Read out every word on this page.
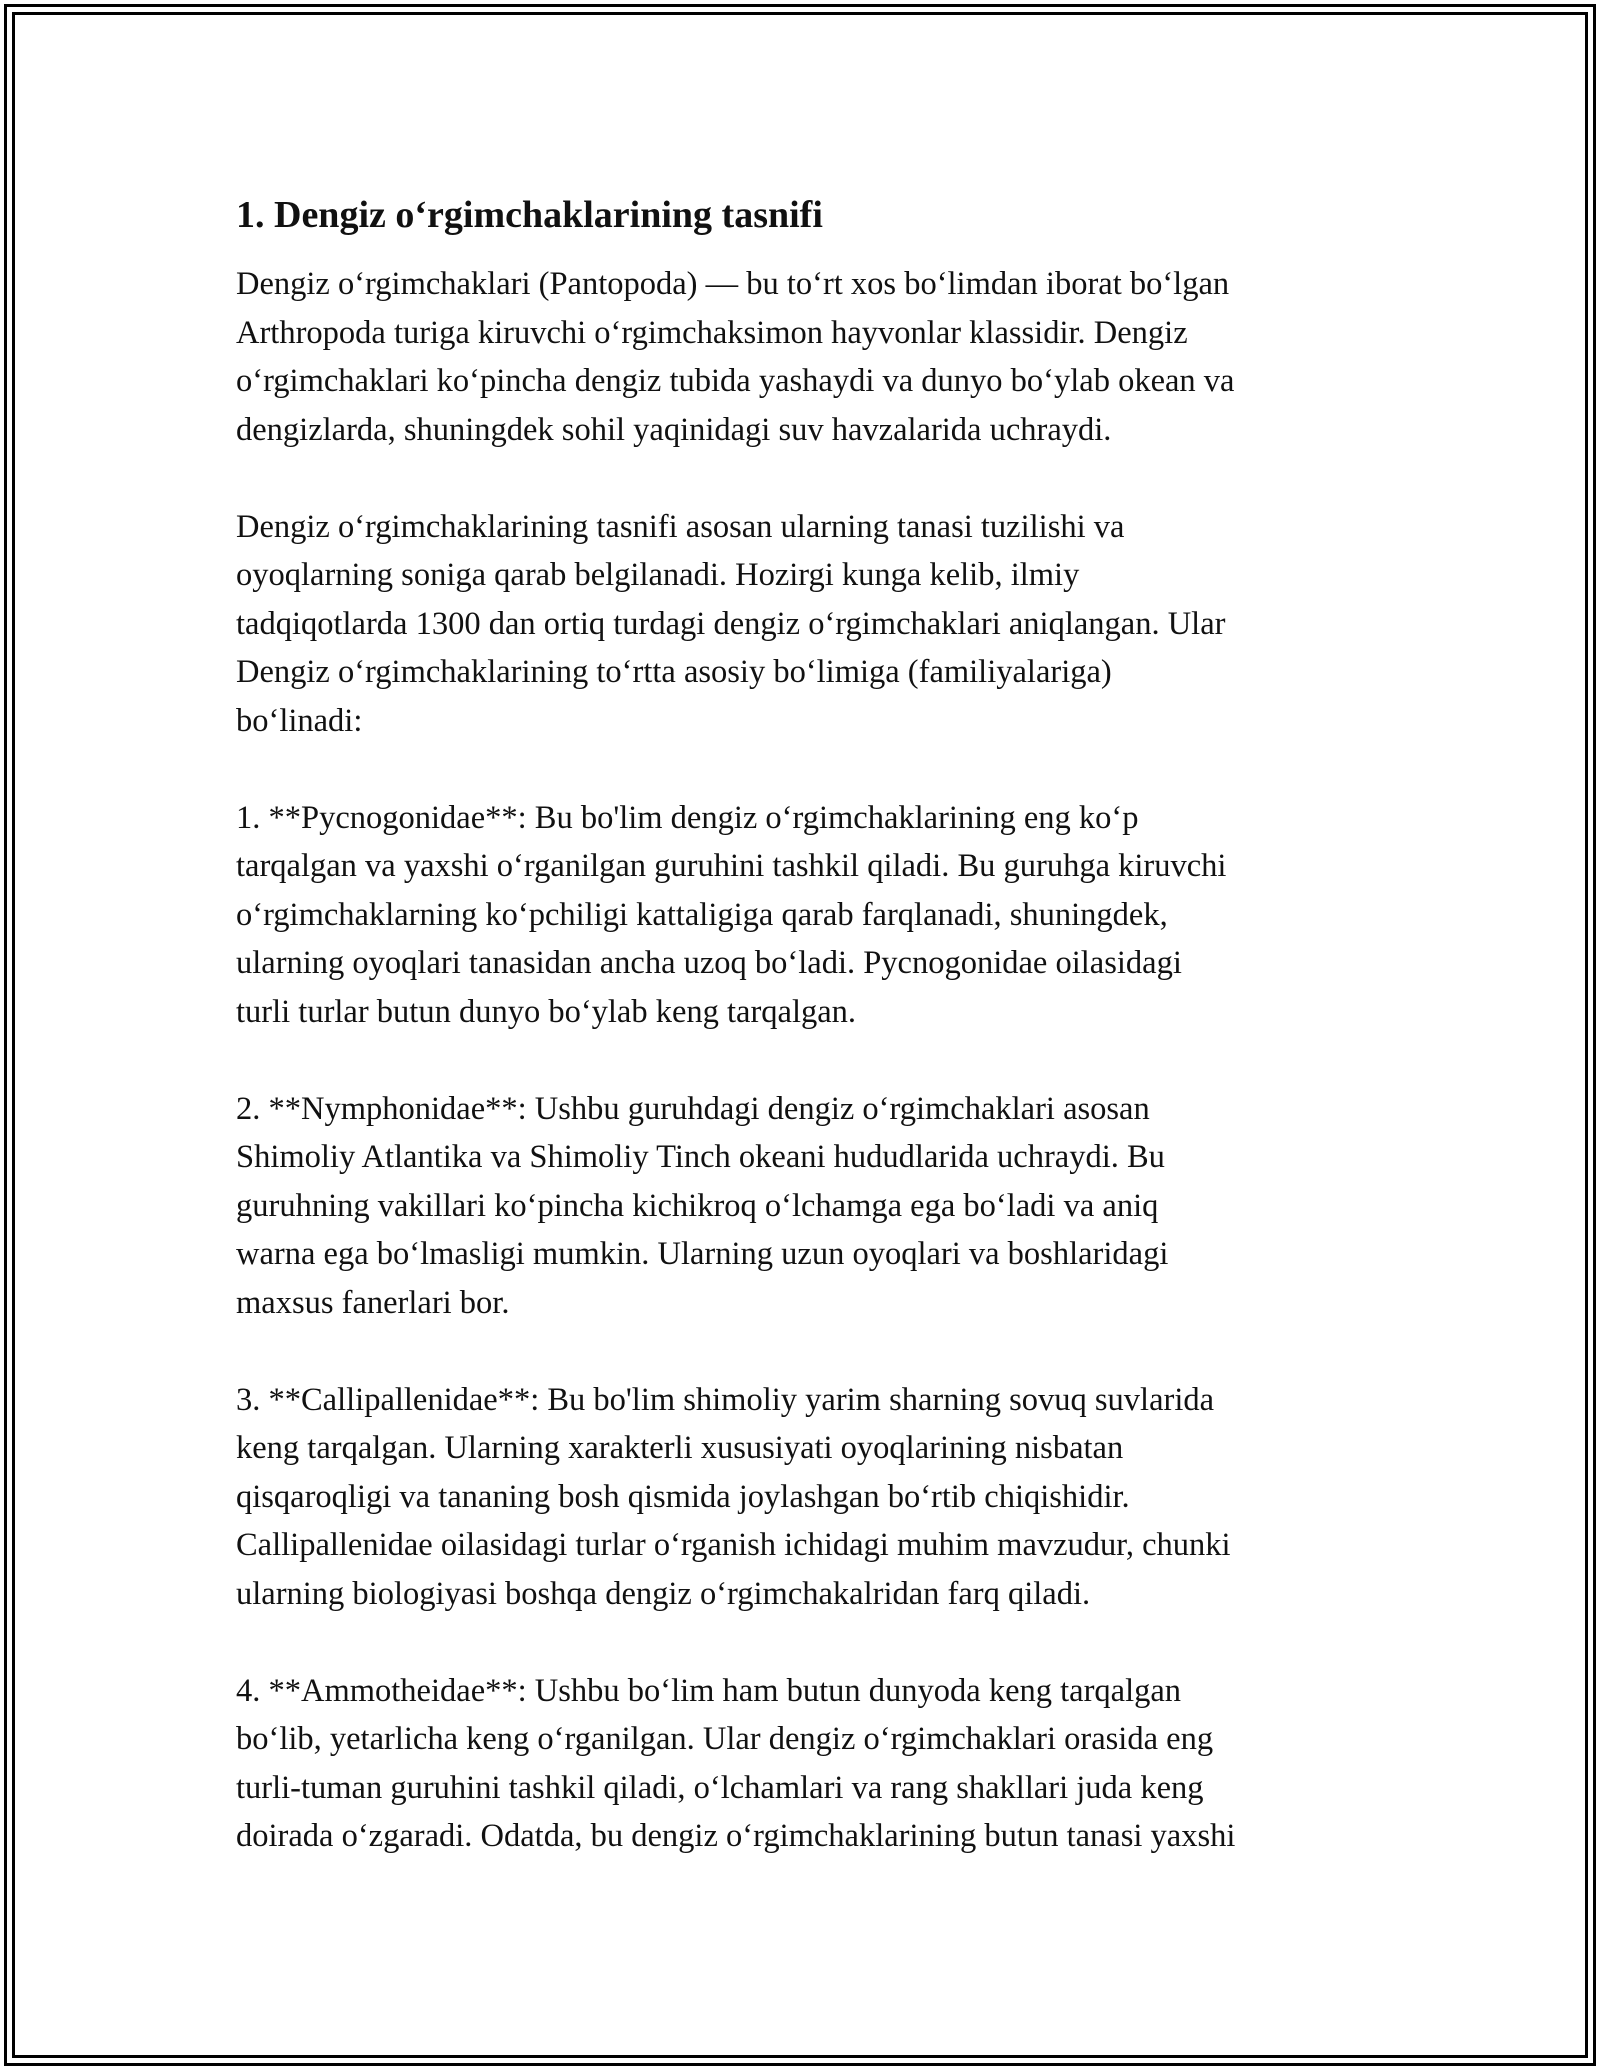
1. Dengiz o‘rgimchaklarining tasnifi

Dengiz o‘rgimchaklari (Pantopoda) — bu to‘rt xos bo‘limdan iborat bo‘lgan
Arthropoda turiga kiruvchi o‘rgimchaksimon hayvonlar klassidir. Dengiz
o‘rgimchaklari ko‘pincha dengiz tubida yashaydi va dunyo bo‘ylab okean va
dengizlarda, shuningdek sohil yaqinidagi suv havzalarida uchraydi.

Dengiz o‘rgimchaklarining tasnifi asosan ularning tanasi tuzilishi va
oyoqlarning soniga qarab belgilanadi. Hozirgi kunga kelib, ilmiy
tadqiqotlarda 1300 dan ortiq turdagi dengiz o‘rgimchaklari aniqlangan. Ular
Dengiz o‘rgimchaklarining to‘rtta asosiy bo‘limiga (familiyalariga)
bo‘linadi:

1. **Pycnogonidae**: Bu bo'lim dengiz o‘rgimchaklarining eng ko‘p
tarqalgan va yaxshi o‘rganilgan guruhini tashkil qiladi. Bu guruhga kiruvchi
o‘rgimchaklarning ko‘pchiligi kattaligiga qarab farqlanadi, shuningdek,
ularning oyoqlari tanasidan ancha uzoq bo‘ladi. Pycnogonidae oilasidagi
turli turlar butun dunyo bo‘ylab keng tarqalgan.

2. **Nymphonidae**: Ushbu guruhdagi dengiz o‘rgimchaklari asosan
Shimoliy Atlantika va Shimoliy Tinch okeani hududlarida uchraydi. Bu
guruhning vakillari ko‘pincha kichikroq o‘lchamga ega bo‘ladi va aniq
warna ega bo‘lmasligi mumkin. Ularning uzun oyoqlari va boshlaridagi
maxsus fanerlari bor.

3. **Callipallenidae**: Bu bo'lim shimoliy yarim sharning sovuq suvlarida
keng tarqalgan. Ularning xarakterli xususiyati oyoqlarining nisbatan
qisqaroqligi va tananing bosh qismida joylashgan bo‘rtib chiqishidir.
Callipallenidae oilasidagi turlar o‘rganish ichidagi muhim mavzudur, chunki
ularning biologiyasi boshqa dengiz o‘rgimchakalridan farq qiladi.

4. **Ammotheidae**: Ushbu bo‘lim ham butun dunyoda keng tarqalgan
bo‘lib, yetarlicha keng o‘rganilgan. Ular dengiz o‘rgimchaklari orasida eng
turli-tuman guruhini tashkil qiladi, o‘lchamlari va rang shakllari juda keng
doirada o‘zgaradi. Odatda, bu dengiz o‘rgimchaklarining butun tanasi yaxshi
